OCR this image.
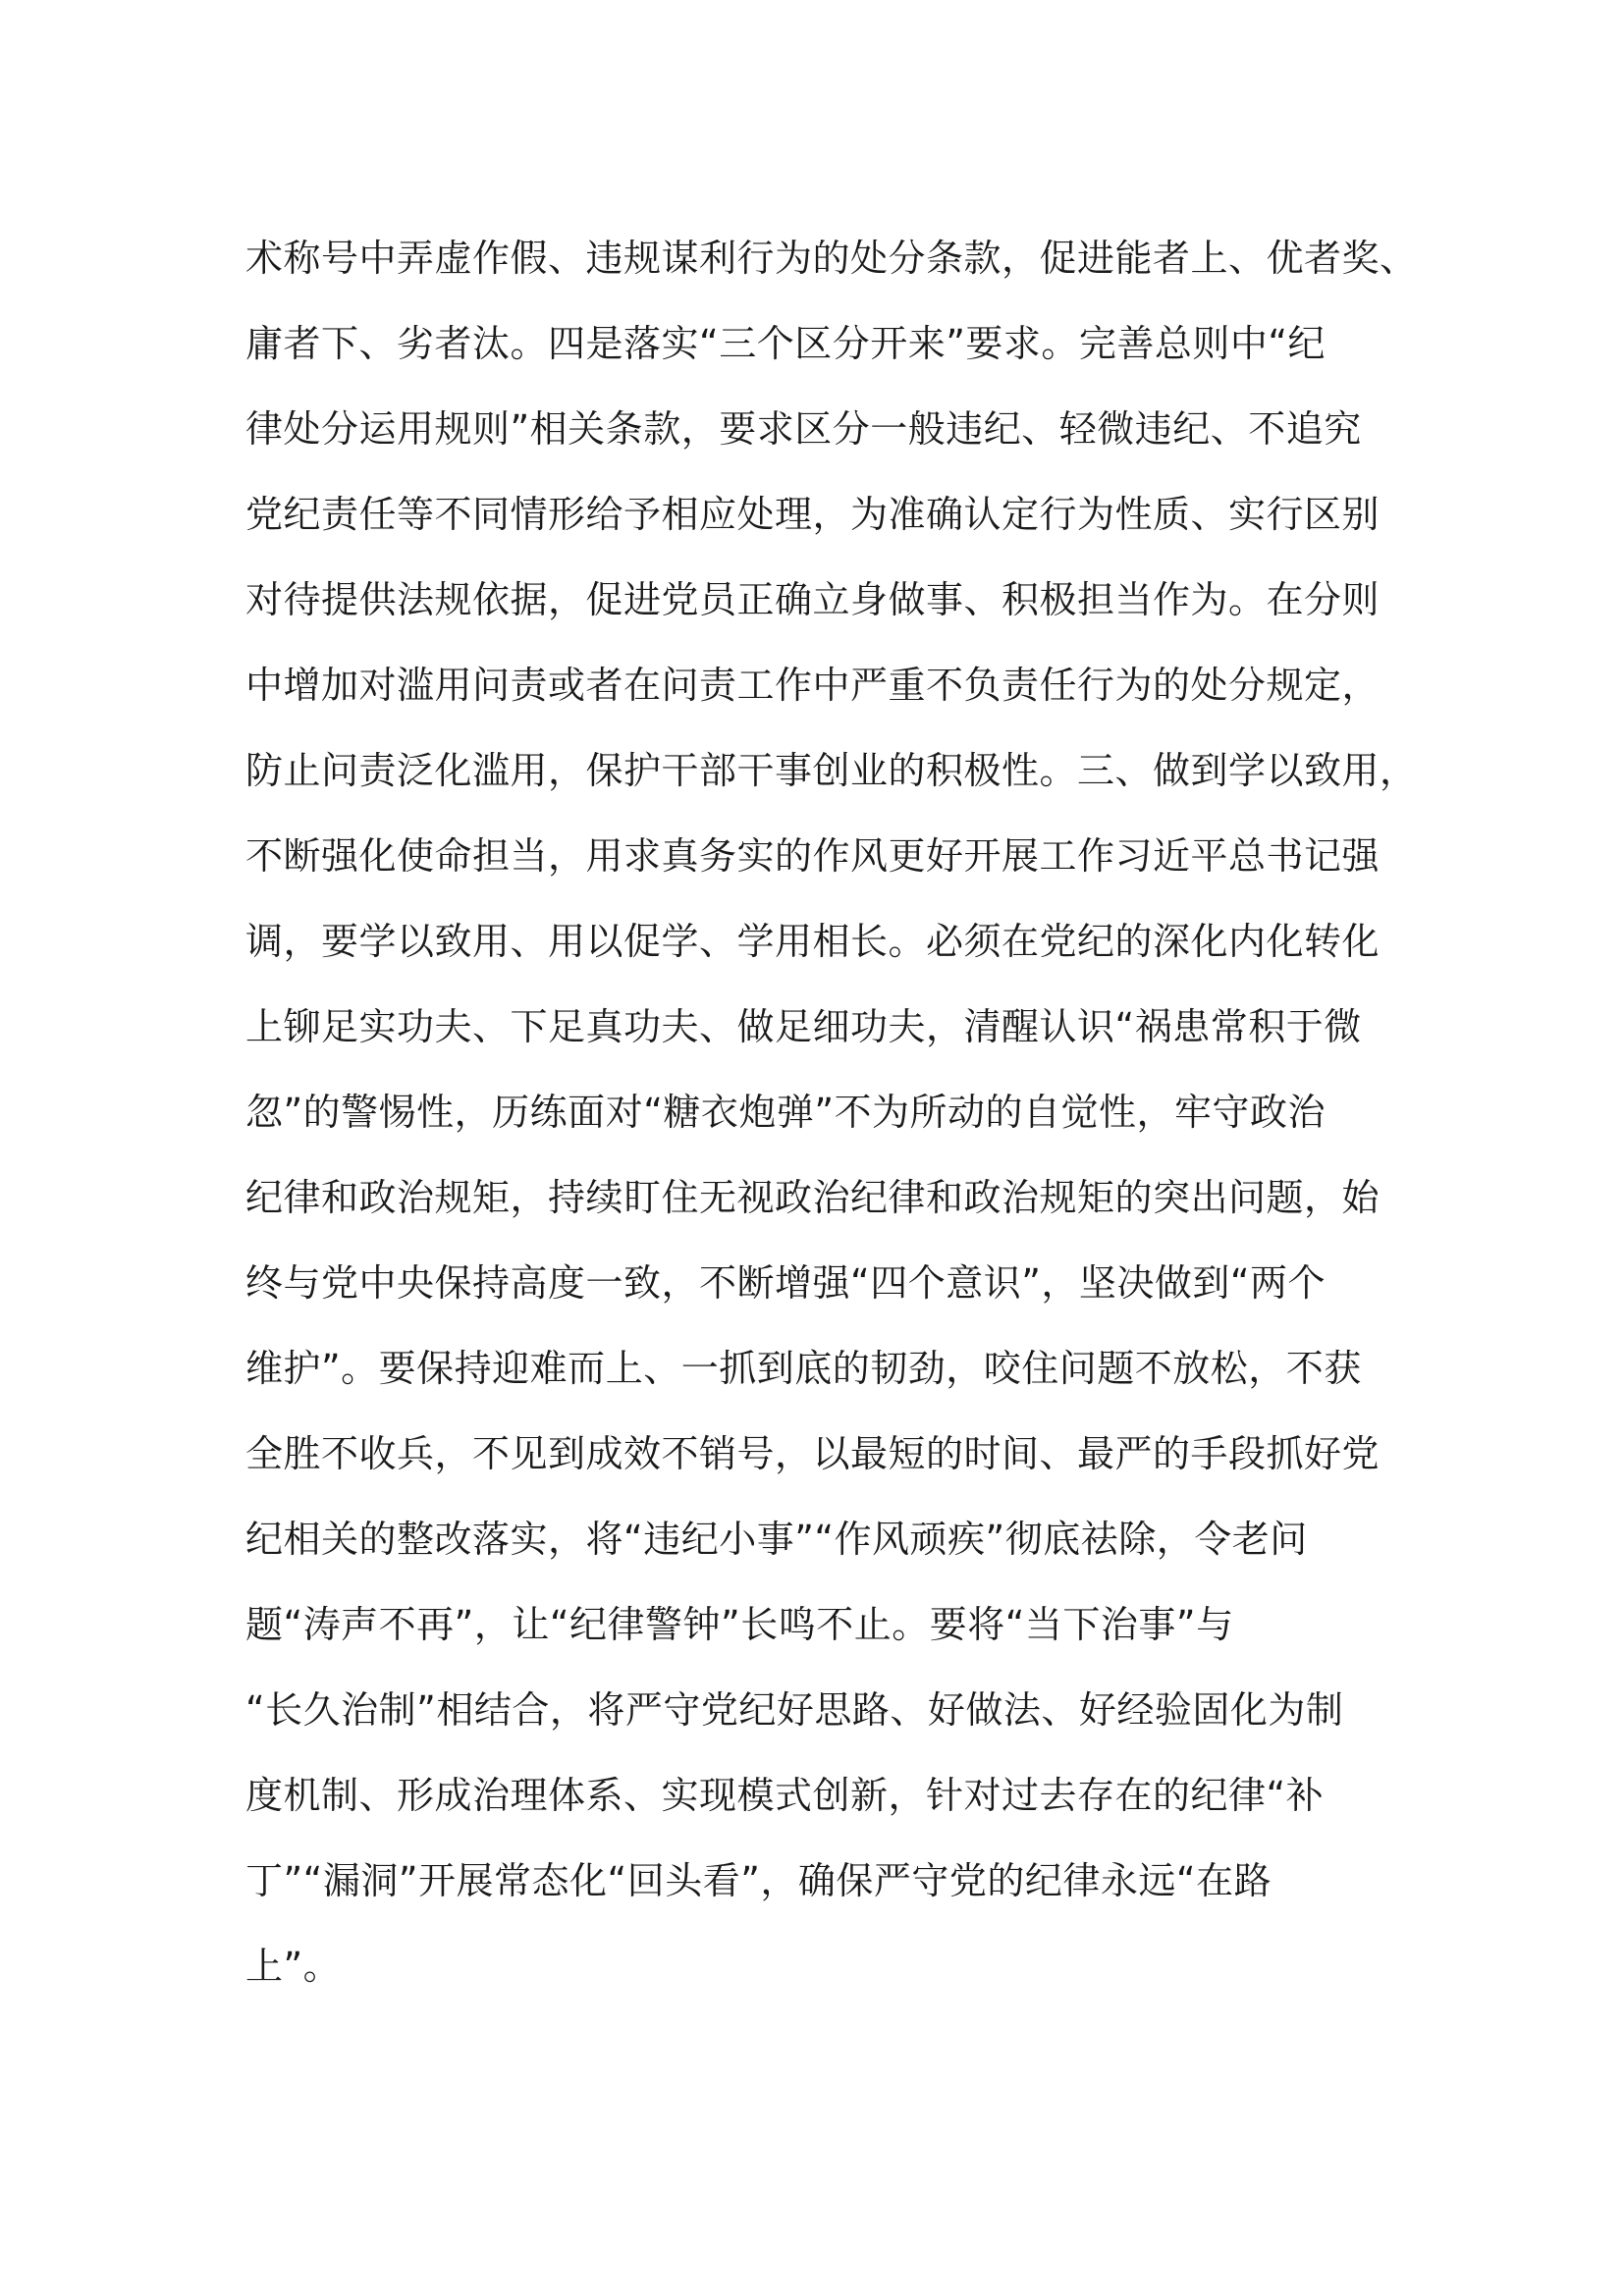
术称号中弄虚作假、违规谋利行为的处分条款，促进能者上、优者奖、
庸者下、劣者汰。四是落实“三个区分开来”要求。完善总则中“纪
律处分运用规则”相关条款，要求区分一般违纪、轻微违纪、不追究
党纪责任等不同情形给予相应处理，为准确认定行为性质、实行区别
对待提供法规依据，促进党员正确立身做事、积极担当作为。在分则
中增加对滥用问责或者在问责工作中严重不负责任行为的处分规定，
防止问责泛化滥用，保护干部干事创业的积极性。三、做到学以致用，
不断强化使命担当，用求真务实的作风更好开展工作习近平总书记强
调，要学以致用、用以促学、学用相长。必须在党纪的深化内化转化
上铆足实功夫、下足真功夫、做足细功夫，清醒认识“祸患常积于微
忽”的警惕性，历练面对“糖衣炮弹”不为所动的自觉性，牢守政治
纪律和政治规矩，持续盯住无视政治纪律和政治规矩的突出问题，始
终与党中央保持高度一致，不断增强“四个意识”，坚决做到“两个
维护”。要保持迎难而上、一抓到底的韧劲，咬住问题不放松，不获
全胜不收兵，不见到成效不销号，以最短的时间、最严的手段抓好党
纪相关的整改落实，将“违纪小事”“作风顽疾”彻底祛除，令老问
题“涛声不再”，让“纪律警钟”长鸣不止。要将“当下治事”与
“长久治制”相结合，将严守党纪好思路、好做法、好经验固化为制
度机制、形成治理体系、实现模式创新，针对过去存在的纪律“补
丁”“漏洞”开展常态化“回头看”，确保严守党的纪律永远“在路
上”。
